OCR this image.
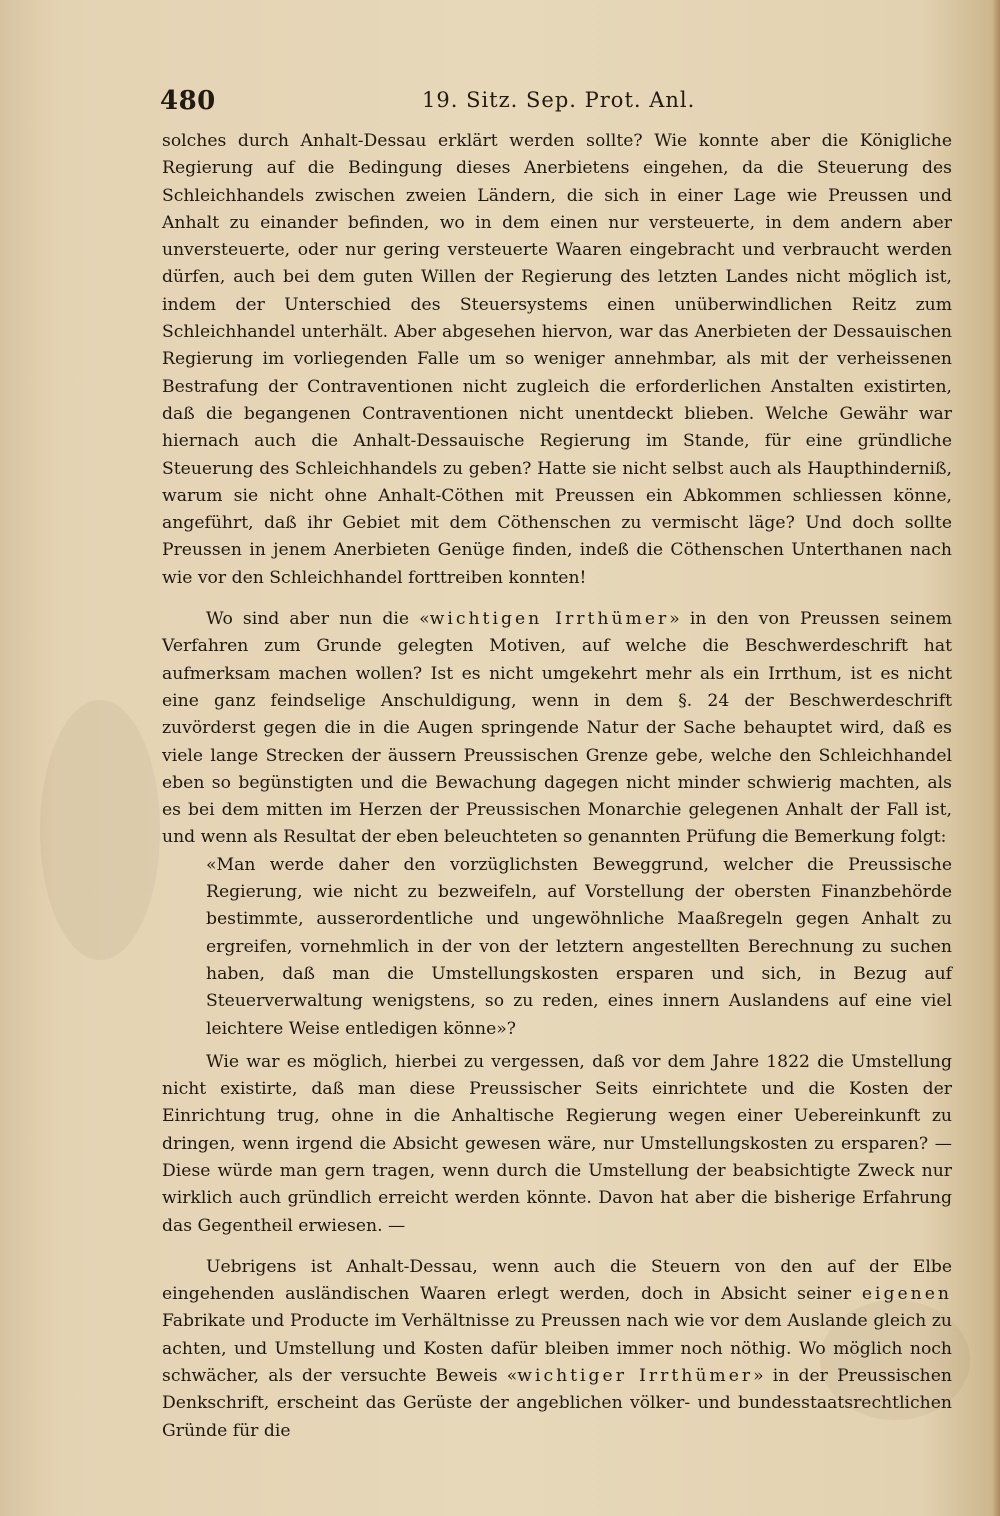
480	19. Sitz. Sep. Prot. Anl.

solches durch Anhalt-Dessau erklärt werden sollte? Wie konnte aber die Königliche Regierung auf die Bedingung dieses Anerbietens eingehen, da die Steuerung des Schleichhandels zwischen zweien Ländern, die sich in einer Lage wie Preussen und Anhalt zu einander befinden, wo in dem einen nur versteuerte, in dem andern aber unversteuerte, oder nur gering versteuerte Waaren eingebracht und verbraucht werden dürfen, auch bei dem guten Willen der Regierung des letzten Landes nicht möglich ist, indem der Unterschied des Steuersystems einen unüberwindlichen Reitz zum Schleichhandel unterhält. Aber abgesehen hiervon, war das Anerbieten der Dessauischen Regierung im vorliegenden Falle um so weniger annehmbar, als mit der verheissenen Bestrafung der Contraventionen nicht zugleich die erforderlichen Anstalten existirten, daß die begangenen Contraventionen nicht unentdeckt blieben. Welche Gewähr war hiernach auch die Anhalt-Dessauische Regierung im Stande, für eine gründliche Steuerung des Schleichhandels zu geben? Hatte sie nicht selbst auch als Haupthinderniß, warum sie nicht ohne Anhalt-Cöthen mit Preussen ein Abkommen schliessen könne, angeführt, daß ihr Gebiet mit dem Cöthenschen zu vermischt läge? Und doch sollte Preussen in jenem Anerbieten Genüge finden, indeß die Cöthenschen Unterthanen nach wie vor den Schleichhandel forttreiben konnten!

Wo sind aber nun die «wichtigen Irrthümer» in den von Preussen seinem Verfahren zum Grunde gelegten Motiven, auf welche die Beschwerdeschrift hat aufmerksam machen wollen? Ist es nicht umgekehrt mehr als ein Irrthum, ist es nicht eine ganz feindselige Anschuldigung, wenn in dem §. 24 der Beschwerdeschrift zuvörderst gegen die in die Augen springende Natur der Sache behauptet wird, daß es viele lange Strecken der äussern Preussischen Grenze gebe, welche den Schleichhandel eben so begünstigten und die Bewachung dagegen nicht minder schwierig machten, als es bei dem mitten im Herzen der Preussischen Monarchie gelegenen Anhalt der Fall ist, und wenn als Resultat der eben beleuchteten so genannten Prüfung die Bemerkung folgt:

«Man werde daher den vorzüglichsten Beweggrund, welcher die Preussische Regierung, wie nicht zu bezweifeln, auf Vorstellung der obersten Finanzbehörde bestimmte, ausserordentliche und ungewöhnliche Maaßregeln gegen Anhalt zu ergreifen, vornehmlich in der von der letztern angestellten Berechnung zu suchen haben, daß man die Umstellungskosten ersparen und sich, in Bezug auf Steuerverwaltung wenigstens, so zu reden, eines innern Auslandens auf eine viel leichtere Weise entledigen könne»?

Wie war es möglich, hierbei zu vergessen, daß vor dem Jahre 1822 die Umstellung nicht existirte, daß man diese Preussischer Seits einrichtete und die Kosten der Einrichtung trug, ohne in die Anhaltische Regierung wegen einer Uebereinkunft zu dringen, wenn irgend die Absicht gewesen wäre, nur Umstellungskosten zu ersparen? — Diese würde man gern tragen, wenn durch die Umstellung der beabsichtigte Zweck nur wirklich auch gründlich erreicht werden könnte. Davon hat aber die bisherige Erfahrung das Gegentheil erwiesen. —

Uebrigens ist Anhalt-Dessau, wenn auch die Steuern von den auf der Elbe eingehenden ausländischen Waaren erlegt werden, doch in Absicht seiner eigenen Fabrikate und Producte im Verhältnisse zu Preussen nach wie vor dem Auslande gleich zu achten, und Umstellung und Kosten dafür bleiben immer noch nöthig. Wo möglich noch schwächer, als der versuchte Beweis «wichtiger Irrthümer» in der Preussischen Denkschrift, erscheint das Gerüste der angeblichen völker- und bundesstaatsrechtlichen Gründe für die
